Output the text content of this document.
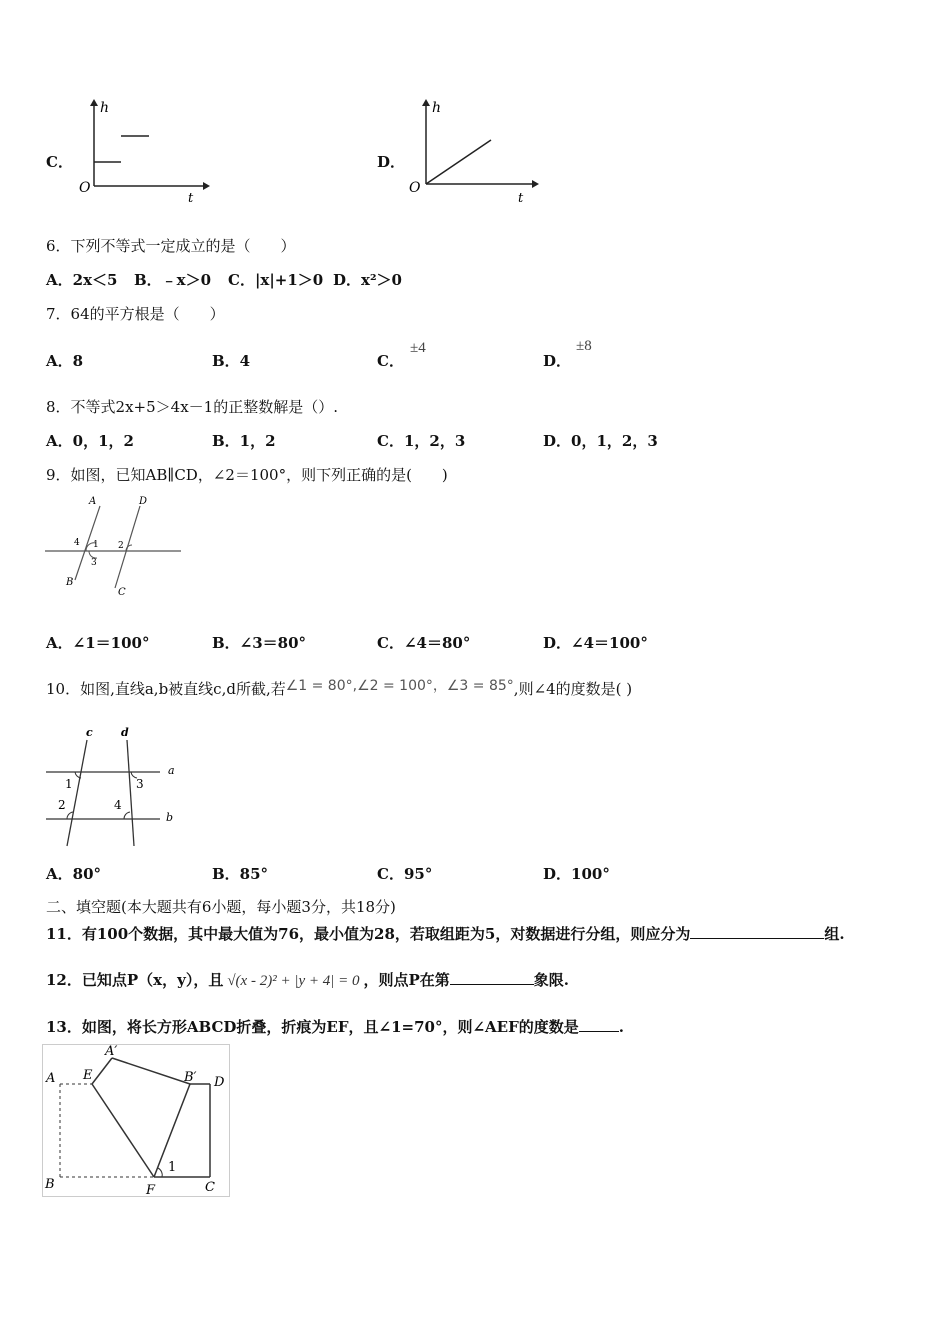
C．
h
O
t
D．
h
O
t
6．下列不等式一定成立的是（　　）
A．2x＜5 B．﹣x＞0 C．|x|+1＞0 D．x²＞0
7．64的平方根是（　　）
A．8	B．4	C．
±4
D．
±8
8．不等式2x+5＞4x－1的正整数解是（）.
A．0，1，2	B．1，2	C．1，2，3	D．0，1，2，3
9．如图，已知AB∥CD，∠2＝100°，则下列正确的是(　　)
A
B
C
D
1 2
3
4
A．∠1＝100°	B．∠3＝80°	C．∠4＝80°	D．∠4＝100°
10．如图,直线a,b被直线c,d所截,若∠1 = 80°,∠2 = 100°，∠3 = 85°,则∠4的度数是( )
c	d
a
b
1
2
3
4
A．80°	B．85°	C．95°	D．100°
二、填空题(本大题共有6小题，每小题3分，共18分)
11．有100个数据，其中最大值为76，最小值为28，若取组距为5，对数据进行分组，则应分为	组.
12．已知点P（x，y），且 √(x - 2)² + |y + 4| = 0 ，则点P在第	象限.
13．如图，将长方形ABCD折叠，折痕为EF，且∠1=70°，则∠AEF的度数是	.
A′
A E	B′ D
B	F	C
1
